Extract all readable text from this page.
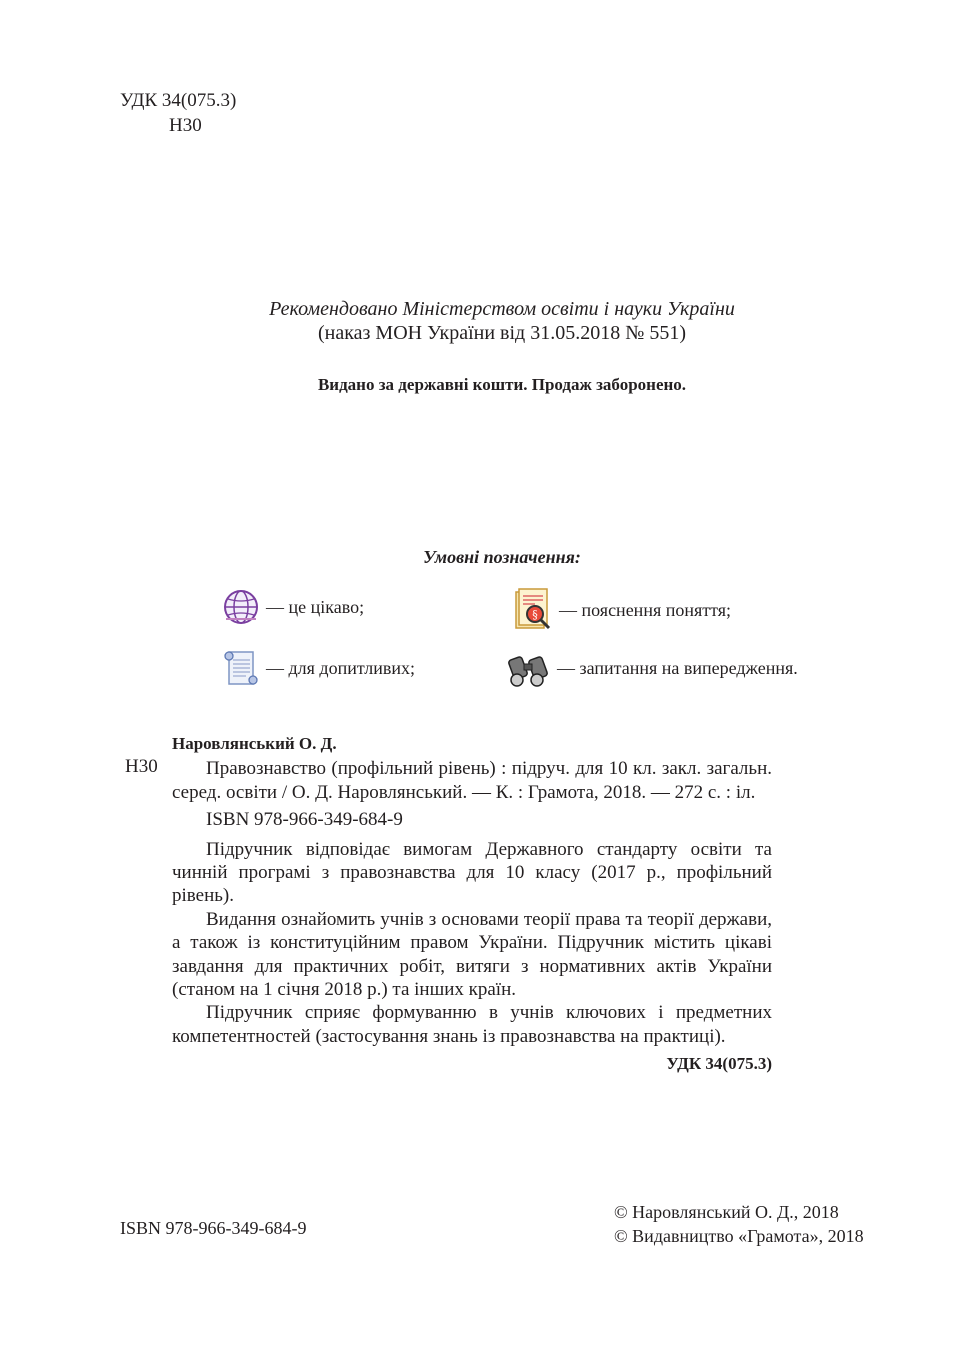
УДК 34(075.3)
Н30
Рекомендовано Міністерством освіти і науки України
(наказ МОН України від 31.05.2018 № 551)
Видано за державні кошти. Продаж заборонено.
Умовні позначення:
— це цікаво;	§ — пояснення поняття;
— для допитливих;	— запитання на випередження.
Н30
Наровлянський О. Д.

Правознавство (профільний рівень) : підруч. для 10 кл. закл. загальн. серед. освіти / О. Д. Наровлянський. — К. : Грамота, 2018. — 272 с. : іл.

ISBN 978-966-349-684-9

Підручник відповідає вимогам Державного стандарту освіти та чинній програмі з правознавства для 10 класу (2017 р., профільний рівень).

Видання ознайомить учнів з основами теорії права та теорії держави, а також із конституційним правом України. Підручник містить цікаві завдання для практичних робіт, витяги з нормативних актів України (станом на 1 січня 2018 р.) та інших країн.

Підручник сприяє формуванню в учнів ключових і предметних компетентностей (застосування знань із правознавства на практиці).

УДК 34(075.3)
ISBN 978-966-349-684-9
© Наровлянський О. Д., 2018
© Видавництво «Грамота», 2018
